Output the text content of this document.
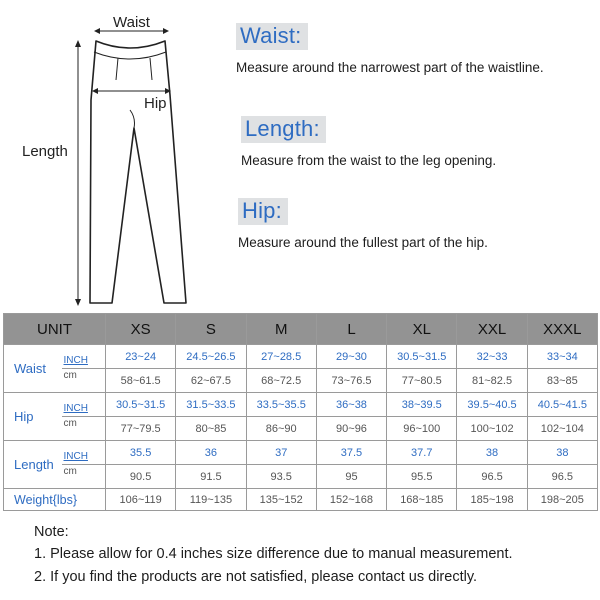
Waist
Length
Hip
Waist:
Measure around the narrowest part of the waistline.
Length:
Measure from the waist to the leg opening.
Hip:
Measure around the fullest part of the hip.
UNIT		XS	S	M	L	XL	XXL	XXXL
Waist	INCH	23~24	24.5~26.5	27~28.5	29~30	30.5~31.5	32~33	33~34
	cm	58~61.5	62~67.5	68~72.5	73~76.5	77~80.5	81~82.5	83~85
Hip	INCH	30.5~31.5	31.5~33.5	33.5~35.5	36~38	38~39.5	39.5~40.5	40.5~41.5
	cm	77~79.5	80~85	86~90	90~96	96~100	100~102	102~104
Length	INCH	35.5	36	37	37.5	37.7	38	38
	cm	90.5	91.5	93.5	95	95.5	96.5	96.5
Weight{lbs}		106~119	119~135	135~152	152~168	168~185	185~198	198~205
Note:
1. Please allow for 0.4 inches size difference due to manual measurement.
2. If you find the products are not satisfied, please contact us directly.
